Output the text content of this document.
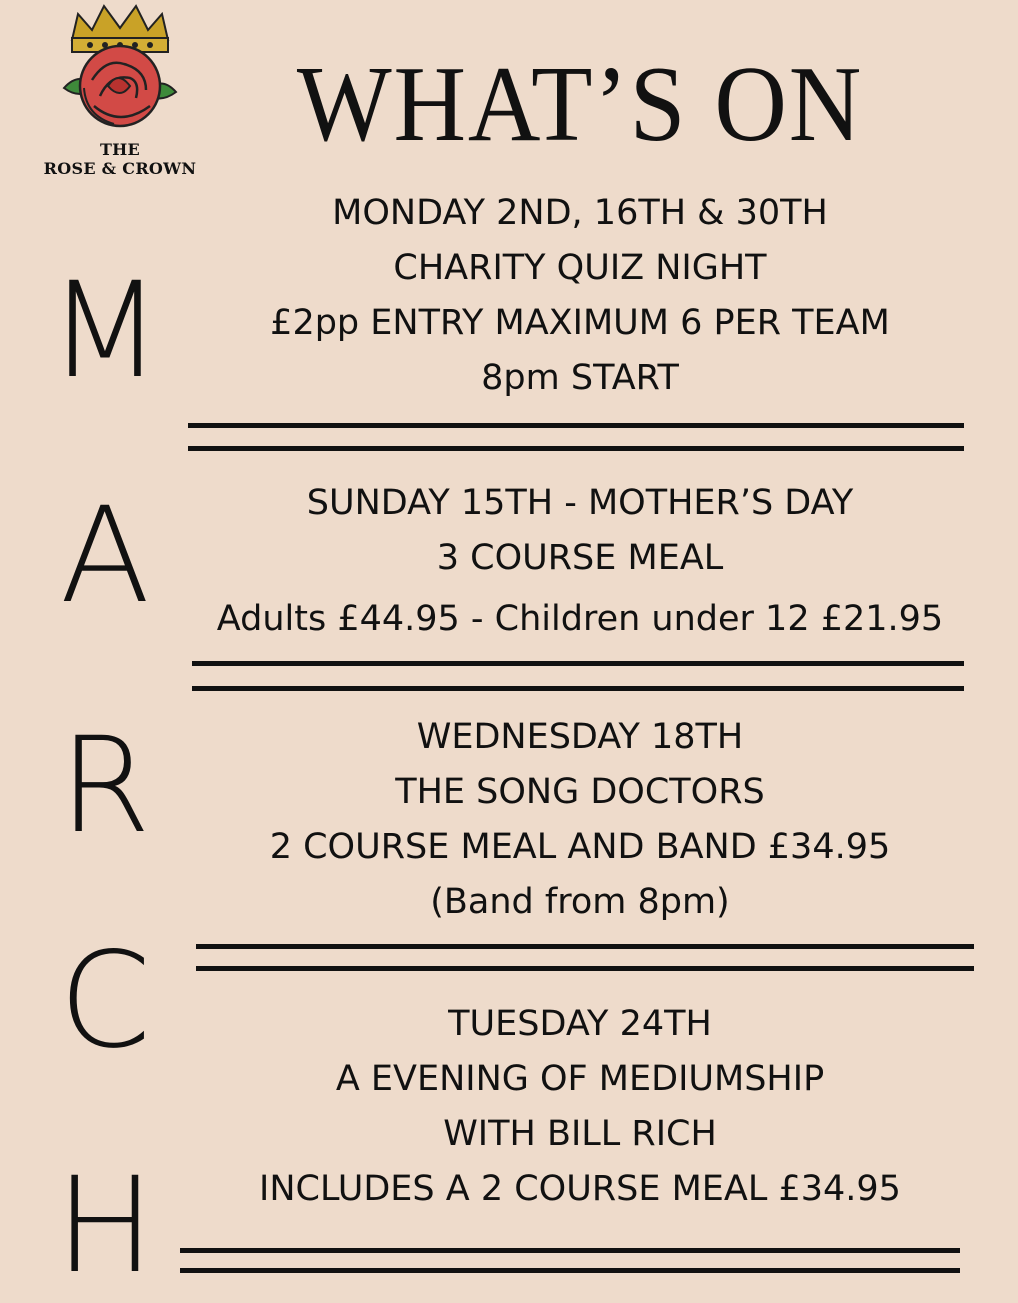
THE
ROSE & CROWN
WHAT’S ON
M
A
R
C
H
MONDAY 2ND, 16TH & 30TH
CHARITY QUIZ NIGHT
£2pp ENTRY MAXIMUM 6 PER TEAM
8pm START
SUNDAY 15TH - MOTHER’S DAY
3 COURSE MEAL
Adults £44.95 - Children under 12 £21.95
WEDNESDAY 18TH
THE SONG DOCTORS
2 COURSE MEAL AND BAND £34.95
(Band from 8pm)
TUESDAY 24TH
A EVENING OF MEDIUMSHIP
WITH BILL RICH
INCLUDES A 2 COURSE MEAL £34.95
